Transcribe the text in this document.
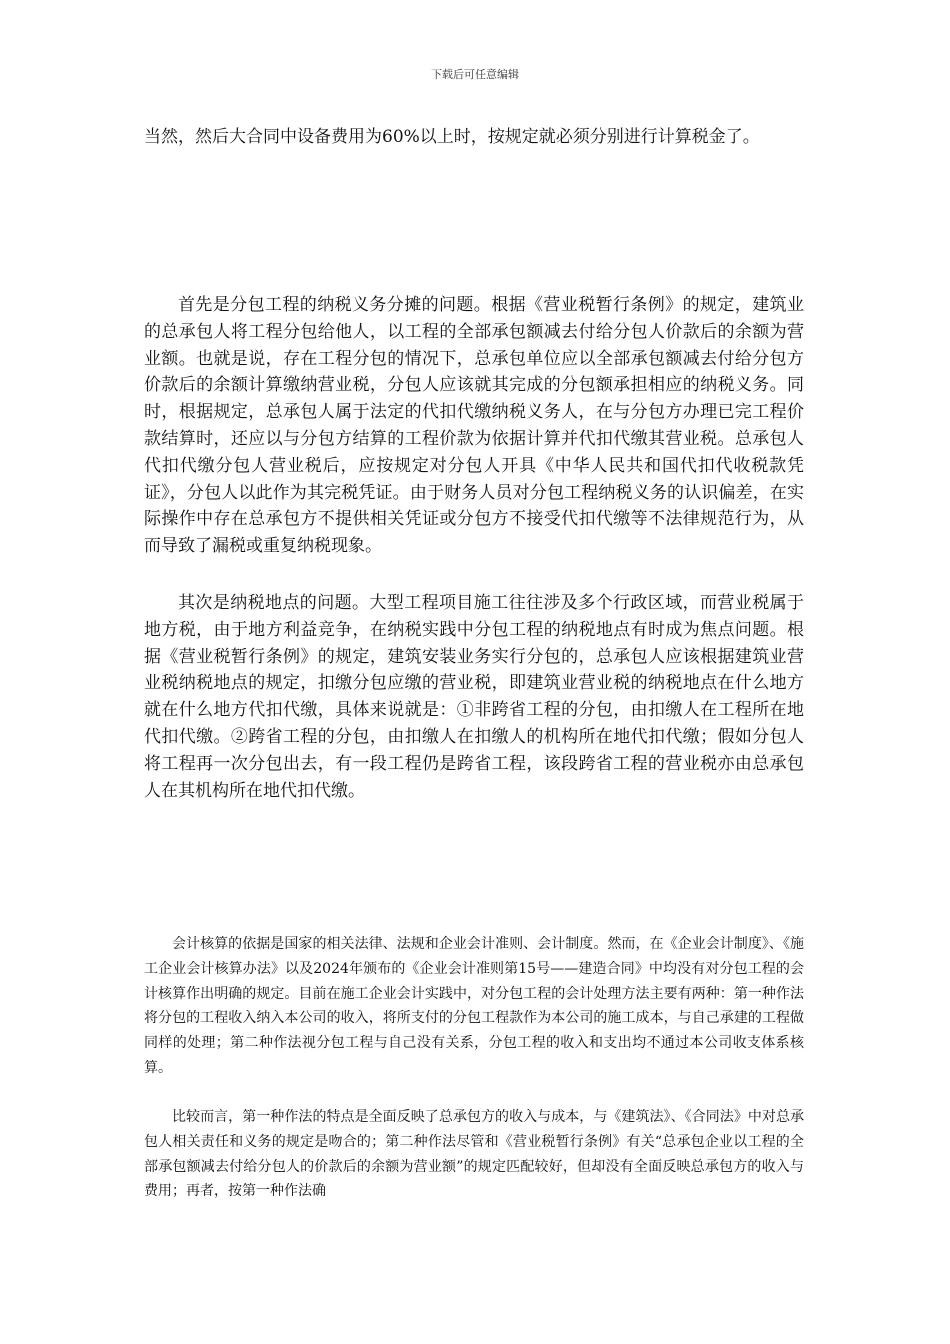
下载后可任意编辑

当然，然后大合同中设备费用为60%以上时，按规定就必须分别进行计算税金了。

首先是分包工程的纳税义务分摊的问题。根据《营业税暂行条例》的规定，建筑业的总承包人将工程分包给他人，以工程的全部承包额减去付给分包人价款后的余额为营业额。也就是说，存在工程分包的情况下，总承包单位应以全部承包额减去付给分包方价款后的余额计算缴纳营业税，分包人应该就其完成的分包额承担相应的纳税义务。同时，根据规定，总承包人属于法定的代扣代缴纳税义务人，在与分包方办理已完工程价款结算时，还应以与分包方结算的工程价款为依据计算并代扣代缴其营业税。总承包人代扣代缴分包人营业税后，应按规定对分包人开具《中华人民共和国代扣代收税款凭证》，分包人以此作为其完税凭证。由于财务人员对分包工程纳税义务的认识偏差，在实际操作中存在总承包方不提供相关凭证或分包方不接受代扣代缴等不法律规范行为，从而导致了漏税或重复纳税现象。

其次是纳税地点的问题。大型工程项目施工往往涉及多个行政区域，而营业税属于地方税，由于地方利益竞争，在纳税实践中分包工程的纳税地点有时成为焦点问题。根据《营业税暂行条例》的规定，建筑安装业务实行分包的，总承包人应该根据建筑业营业税纳税地点的规定，扣缴分包应缴的营业税，即建筑业营业税的纳税地点在什么地方就在什么地方代扣代缴，具体来说就是：①非跨省工程的分包，由扣缴人在工程所在地代扣代缴。②跨省工程的分包，由扣缴人在扣缴人的机构所在地代扣代缴；假如分包人将工程再一次分包出去，有一段工程仍是跨省工程，该段跨省工程的营业税亦由总承包人在其机构所在地代扣代缴。

会计核算的依据是国家的相关法律、法规和企业会计准则、会计制度。然而，在《企业会计制度》、《施工企业会计核算办法》以及2024年颁布的《企业会计准则第15号——建造合同》中均没有对分包工程的会计核算作出明确的规定。目前在施工企业会计实践中，对分包工程的会计处理方法主要有两种：第一种作法将分包的工程收入纳入本公司的收入，将所支付的分包工程款作为本公司的施工成本，与自己承建的工程做同样的处理；第二种作法视分包工程与自己没有关系，分包工程的收入和支出均不通过本公司收支体系核算。

比较而言，第一种作法的特点是全面反映了总承包方的收入与成本，与《建筑法》、《合同法》中对总承包人相关责任和义务的规定是吻合的；第二种作法尽管和《营业税暂行条例》有关“总承包企业以工程的全部承包额减去付给分包人的价款后的余额为营业额”的规定匹配较好，但却没有全面反映总承包方的收入与费用；再者，按第一种作法确
